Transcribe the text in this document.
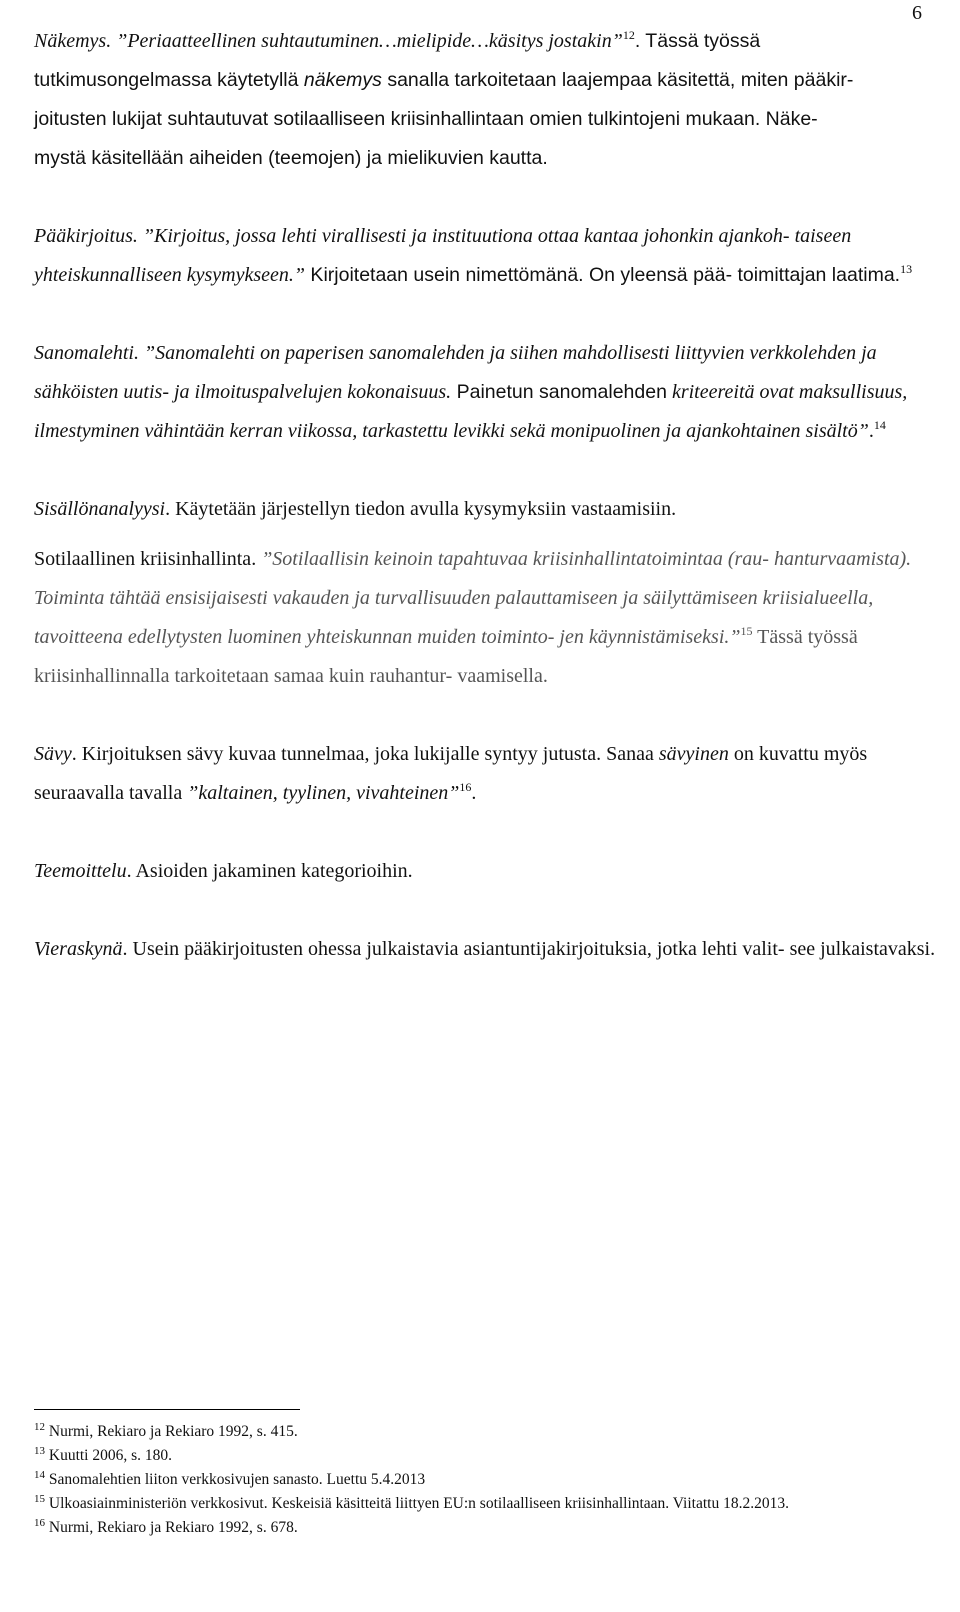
6

Näkemys. ”Periaatteellinen suhtautuminen…mielipide…käsitys jostakin”$^{12}$. Tässä työssä
tutkimusongelmassa käytetyllä näkemys sanalla tarkoitetaan laajempaa käsitettä, miten pääkir-
joitusten lukijat suhtautuvat sotilaalliseen kriisinhallintaan omien tulkintojeni mukaan. Näke-
mystä käsitellään aiheiden (teemojen) ja mielikuvien kautta.

Pääkirjoitus. ”Kirjoitus, jossa lehti virallisesti ja instituutiona ottaa kantaa johonkin ajankoh- taiseen yhteiskunnalliseen kysymykseen.” Kirjoitetaan usein nimettömänä. On yleensä pää- toimittajan laatima.$^{13}$

Sanomalehti. ”Sanomalehti on paperisen sanomalehden ja siihen mahdollisesti liittyvien verkkolehden ja sähköisten uutis- ja ilmoituspalvelujen kokonaisuus. Painetun sanomalehden kriteereitä ovat maksullisuus, ilmestyminen vähintään kerran viikossa, tarkastettu levikki sekä monipuolinen ja ajankohtainen sisältö”.$^{14}$

Sisällönanalyysi. Käytetään järjestellyn tiedon avulla kysymyksiin vastaamisiin.

Sotilaallinen kriisinhallinta. ”Sotilaallisin keinoin tapahtuvaa kriisinhallintatoimintaa (rau- hanturvaamista). Toiminta tähtää ensisijaisesti vakauden ja turvallisuuden palauttamiseen ja säilyttämiseen kriisialueella, tavoitteena edellytysten luominen yhteiskunnan muiden toiminto- jen käynnistämiseksi.”$^{15}$ Tässä työssä kriisinhallinnalla tarkoitetaan samaa kuin rauhantur- vaamisella.

Sävy. Kirjoituksen sävy kuvaa tunnelmaa, joka lukijalle syntyy jutusta. Sanaa sävyinen on kuvattu myös seuraavalla tavalla ”kaltainen, tyylinen, vivahteinen”$^{16}$.

Teemoittelu. Asioiden jakaminen kategorioihin.

Vieraskynä. Usein pääkirjoitusten ohessa julkaistavia asiantuntijakirjoituksia, jotka lehti valit- see julkaistavaksi.

$^{12}$ Nurmi, Rekiaro ja Rekiaro 1992, s. 415.
$^{13}$ Kuutti 2006, s. 180.
$^{14}$ Sanomalehtien liiton verkkosivujen sanasto. Luettu 5.4.2013
$^{15}$ Ulkoasiainministeriön verkkosivut. Keskeisiä käsitteitä liittyen EU:n sotilaalliseen kriisinhallintaan. Viitattu 18.2.2013.
$^{16}$ Nurmi, Rekiaro ja Rekiaro 1992, s. 678.
